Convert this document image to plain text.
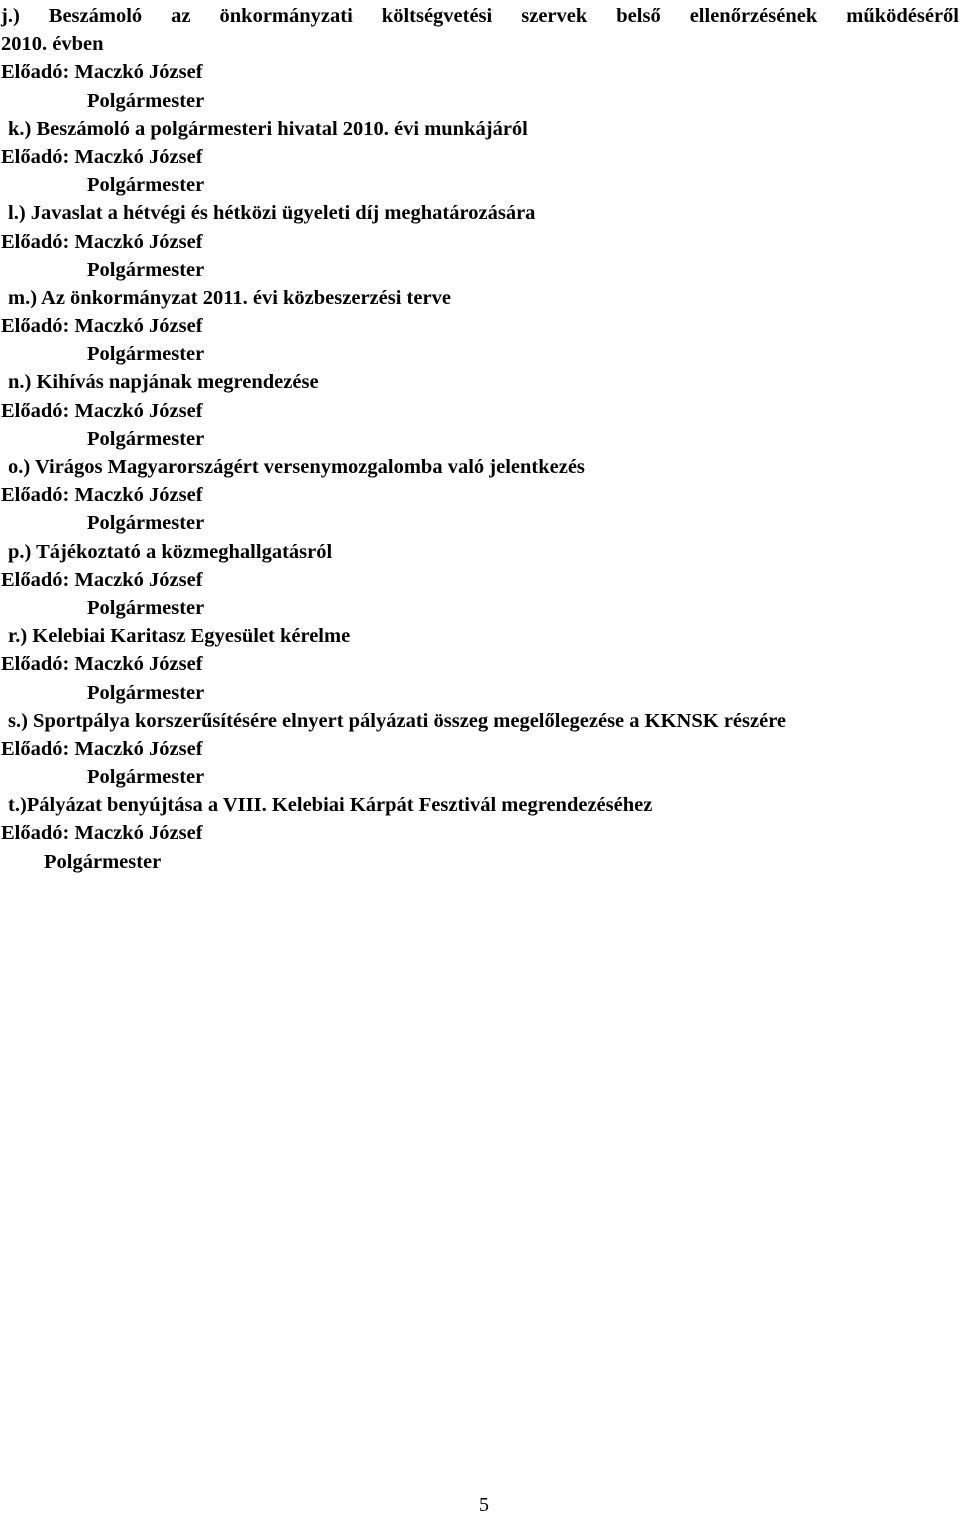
j.) Beszámoló az önkormányzati költségvetési szervek belső ellenőrzésének működéséről
2010. évben
Előadó: Maczkó József
Polgármester
k.) Beszámoló a polgármesteri hivatal 2010. évi munkájáról
Előadó: Maczkó József
Polgármester
l.) Javaslat a hétvégi és hétközi ügyeleti díj meghatározására
Előadó: Maczkó József
Polgármester
m.) Az önkormányzat 2011. évi közbeszerzési terve
Előadó: Maczkó József
Polgármester
n.) Kihívás napjának megrendezése
Előadó: Maczkó József
Polgármester
o.) Virágos Magyarországért versenymozgalomba való jelentkezés
Előadó: Maczkó József
Polgármester
p.) Tájékoztató a közmeghallgatásról
Előadó: Maczkó József
Polgármester
r.) Kelebiai Karitasz Egyesület kérelme
Előadó: Maczkó József
Polgármester
s.) Sportpálya korszerűsítésére elnyert pályázati összeg megelőlegezése a KKNSK részére
Előadó: Maczkó József
Polgármester
t.)Pályázat benyújtása a VIII. Kelebiai Kárpát Fesztivál megrendezéséhez
Előadó: Maczkó József
Polgármester
5
